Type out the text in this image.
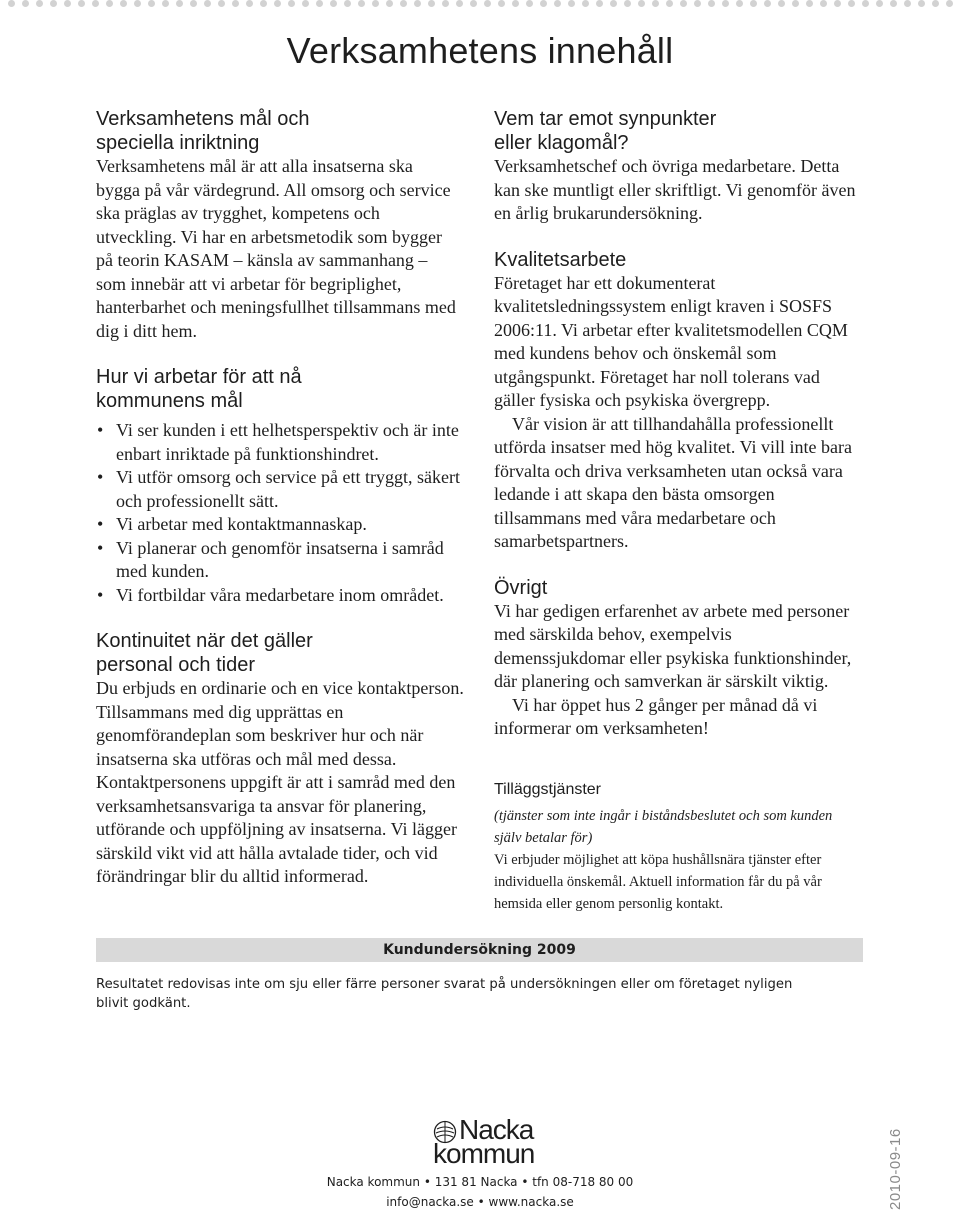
Verksamhetens innehåll
Verksamhetens mål och speciella inriktning

Verksamhetens mål är att alla insatserna ska bygga på vår värdegrund. All omsorg och service ska präglas av trygghet, kompetens och utveckling. Vi har en arbetsmetodik som bygger på teorin KASAM – känsla av sammanhang – som innebär att vi arbetar för begriplighet, hanterbarhet och meningsfullhet tillsammans med dig i ditt hem.

Hur vi arbetar för att nå kommunens mål
• Vi ser kunden i ett helhetsperspektiv och är inte enbart inriktade på funktionshindret.
• Vi utför omsorg och service på ett tryggt, säkert och professionellt sätt.
• Vi arbetar med kontaktmannaskap.
• Vi planerar och genomför insatserna i samråd med kunden.
• Vi fortbildar våra medarbetare inom området.
Kontinuitet när det gäller personal och tider

Du erbjuds en ordinarie och en vice kontaktperson. Tillsammans med dig upprättas en genomförandeplan som beskriver hur och när insatserna ska utföras och mål med dessa. Kontaktpersonens uppgift är att i samråd med den verksamhetsansvariga ta ansvar för planering, utförande och uppföljning av insatserna. Vi lägger särskild vikt vid att hålla avtalade tider, och vid förändringar blir du alltid informerad.

Vem tar emot synpunkter eller klagomål?

Verksamhetschef och övriga medarbetare. Detta kan ske muntligt eller skriftligt. Vi genomför även en årlig brukarundersökning.

Kvalitetsarbete

Företaget har ett dokumenterat kvalitetsledningssystem enligt kraven i SOSFS 2006:11. Vi arbetar efter kvalitetsmodellen CQM med kundens behov och önskemål som utgångspunkt. Företaget har noll tolerans vad gäller fysiska och psykiska övergrepp.

Vår vision är att tillhandahålla professionellt utförda insatser med hög kvalitet. Vi vill inte bara förvalta och driva verksamheten utan också vara ledande i att skapa den bästa omsorgen tillsammans med våra medarbetare och samarbetspartners.

Övrigt

Vi har gedigen erfarenhet av arbete med personer med särskilda behov, exempelvis demenssjukdomar eller psykiska funktionshinder, där planering och samverkan är särskilt viktig.

Vi har öppet hus 2 gånger per månad då vi informerar om verksamheten!

Tilläggstjänster

(tjänster som inte ingår i biståndsbeslutet och som kunden själv betalar för)

Vi erbjuder möjlighet att köpa hushållsnära tjänster efter individuella önskemål. Aktuell information får du på vår hemsida eller genom personlig kontakt.

Kundundersökning 2009

Resultatet redovisas inte om sju eller färre personer svarat på undersökningen eller om företaget nyligen blivit godkänt.

Nacka
kommun

Nacka kommun • 131 81 Nacka • tfn 08-718 80 00
info@nacka.se • www.nacka.se	2010-09-16
